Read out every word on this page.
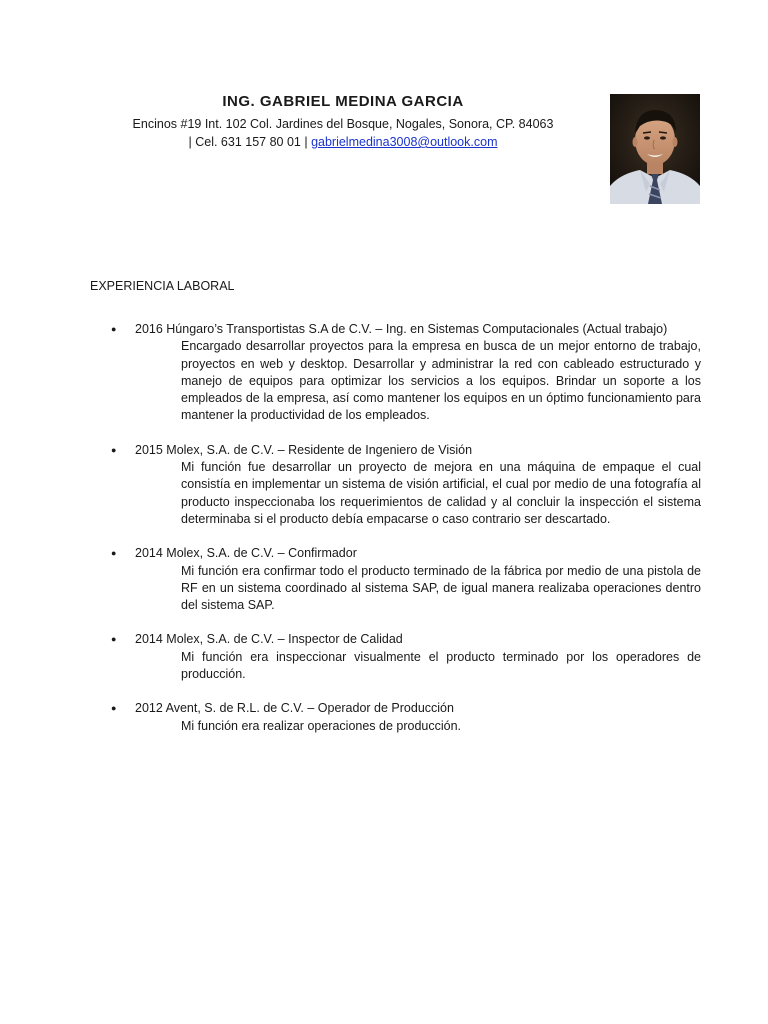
ING. GABRIEL MEDINA GARCIA
Encinos #19 Int. 102 Col. Jardines del Bosque, Nogales, Sonora, CP. 84063
| Cel. 631 157 80 01 | gabrielmedina3008@outlook.com
EXPERIENCIA LABORAL
● 2016 Húngaro’s Transportistas S.A de C.V. – Ing. en Sistemas Computacionales (Actual trabajo)
Encargado desarrollar proyectos para la empresa en busca de un mejor entorno de trabajo, proyectos en web y desktop. Desarrollar y administrar la red con cableado estructurado y manejo de equipos para optimizar los servicios a los equipos. Brindar un soporte a los empleados de la empresa, así como mantener los equipos en un óptimo funcionamiento para mantener la productividad de los empleados.
● 2015 Molex, S.A. de C.V. – Residente de Ingeniero de Visión
Mi función fue desarrollar un proyecto de mejora en una máquina de empaque el cual consistía en implementar un sistema de visión artificial, el cual por medio de una fotografía al producto inspeccionaba los requerimientos de calidad y al concluir la inspección el sistema determinaba si el producto debía empacarse o caso contrario ser descartado.
● 2014 Molex, S.A. de C.V. – Confirmador
Mi función era confirmar todo el producto terminado de la fábrica por medio de una pistola de RF en un sistema coordinado al sistema SAP, de igual manera realizaba operaciones dentro del sistema SAP.
● 2014 Molex, S.A. de C.V. – Inspector de Calidad
Mi función era inspeccionar visualmente el producto terminado por los operadores de producción.
● 2012 Avent, S. de R.L. de C.V. – Operador de Producción
Mi función era realizar operaciones de producción.
